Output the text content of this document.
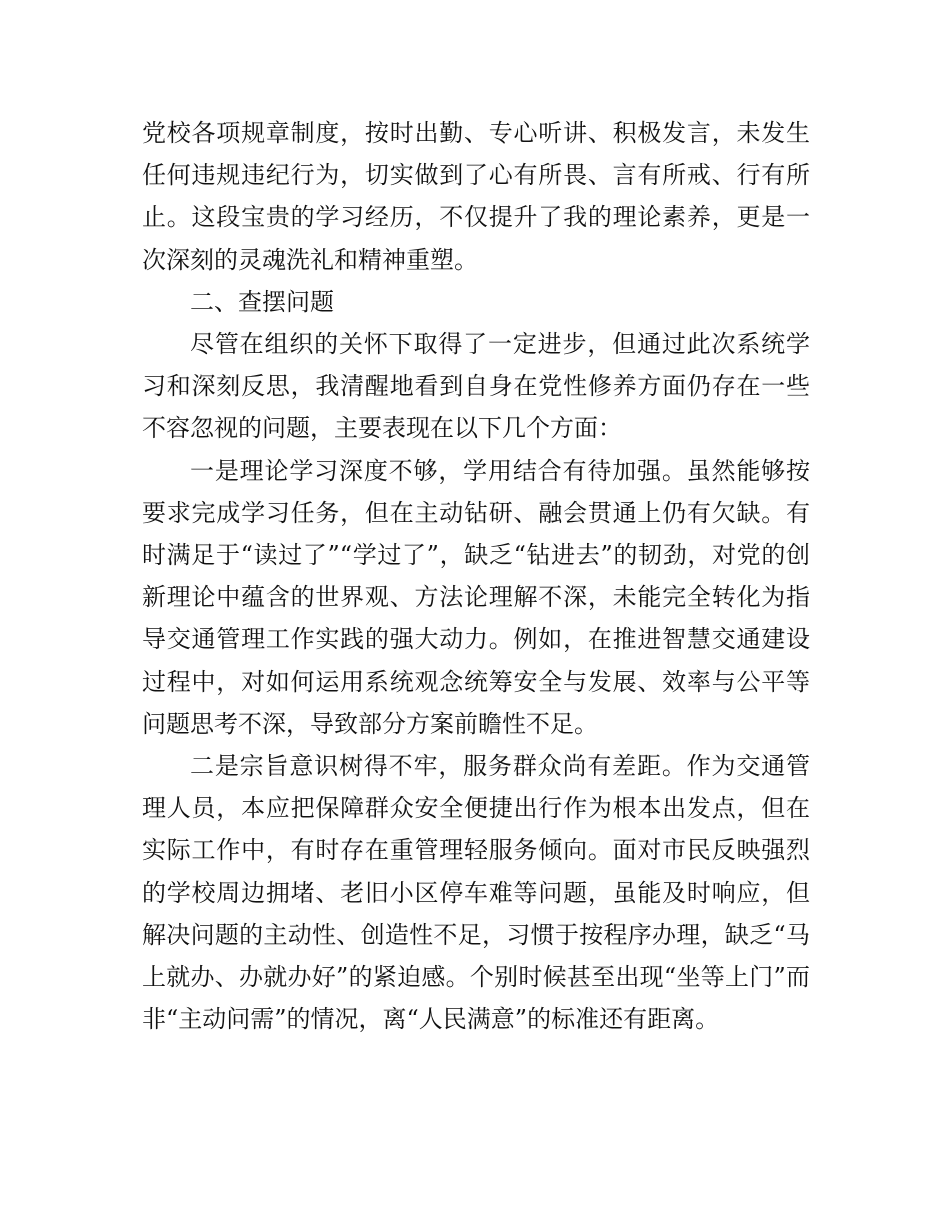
党校各项规章制度，按时出勤、专心听讲、积极发言，未发生任何违规违纪行为，切实做到了心有所畏、言有所戒、行有所止。这段宝贵的学习经历，不仅提升了我的理论素养，更是一次深刻的灵魂洗礼和精神重塑。

二、查摆问题

尽管在组织的关怀下取得了一定进步，但通过此次系统学习和深刻反思，我清醒地看到自身在党性修养方面仍存在一些不容忽视的问题，主要表现在以下几个方面：

一是理论学习深度不够，学用结合有待加强。虽然能够按要求完成学习任务，但在主动钻研、融会贯通上仍有欠缺。有时满足于“读过了”“学过了”，缺乏“钻进去”的韧劲，对党的创新理论中蕴含的世界观、方法论理解不深，未能完全转化为指导交通管理工作实践的强大动力。例如，在推进智慧交通建设过程中，对如何运用系统观念统筹安全与发展、效率与公平等问题思考不深，导致部分方案前瞻性不足。

二是宗旨意识树得不牢，服务群众尚有差距。作为交通管理人员，本应把保障群众安全便捷出行作为根本出发点，但在实际工作中，有时存在重管理轻服务倾向。面对市民反映强烈的学校周边拥堵、老旧小区停车难等问题，虽能及时响应，但解决问题的主动性、创造性不足，习惯于按程序办理，缺乏“马上就办、办就办好”的紧迫感。个别时候甚至出现“坐等上门”而非“主动问需”的情况，离“人民满意”的标准还有距离。
